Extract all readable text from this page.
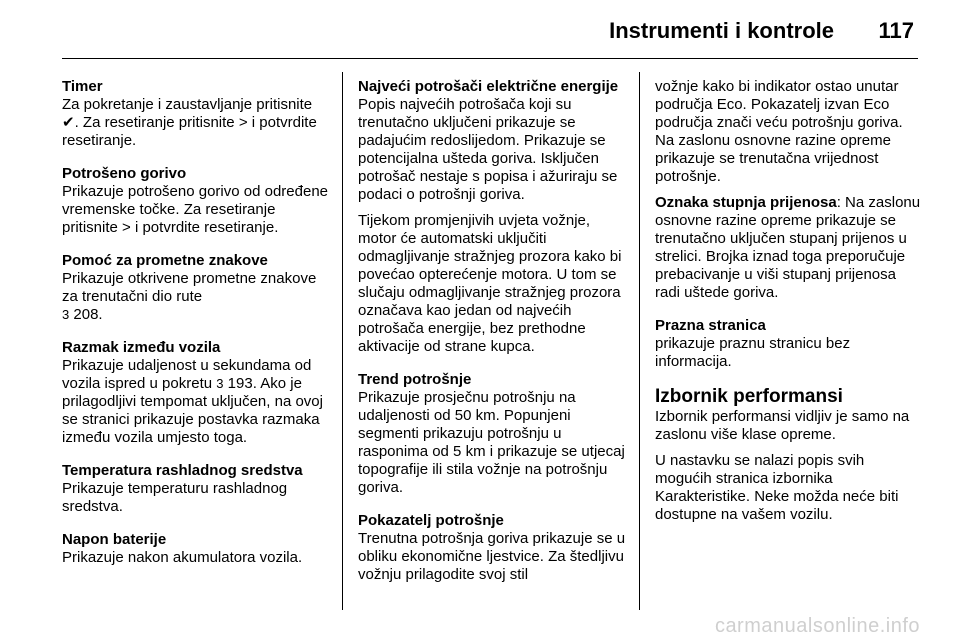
Instrumenti i kontrole 117
Timer
Za pokretanje i zaustavljanje pritisnite ✔. Za resetiranje pritisnite > i potvrdite resetiranje.
Potrošeno gorivo
Prikazuje potrošeno gorivo od određene vremenske točke. Za resetiranje pritisnite > i potvrdite resetiranje.
Pomoć za prometne znakove
Prikazuje otkrivene prometne znakove za trenutačni dio rute
3 208.
Razmak između vozila
Prikazuje udaljenost u sekundama od vozila ispred u pokretu 3 193. Ako je prilagodljivi tempomat uključen, na ovoj se stranici prikazuje postavka razmaka između vozila umjesto toga.
Temperatura rashladnog sredstva
Prikazuje temperaturu rashladnog sredstva.
Napon baterije
Prikazuje nakon akumulatora vozila.
Najveći potrošači električne energije
Popis najvećih potrošača koji su trenutačno uključeni prikazuje se padajućim redoslijedom. Prikazuje se potencijalna ušteda goriva. Isključen potrošač nestaje s popisa i ažuriraju se podaci o potrošnji goriva.
Tijekom promjenjivih uvjeta vožnje, motor će automatski uključiti odmagljivanje stražnjeg prozora kako bi povećao opterećenje motora. U tom se slučaju odmagljivanje stražnjeg prozora označava kao jedan od najvećih potrošača energije, bez prethodne aktivacije od strane kupca.
Trend potrošnje
Prikazuje prosječnu potrošnju na udaljenosti od 50 km. Popunjeni segmenti prikazuju potrošnju u rasponima od 5 km i prikazuje se utjecaj topografije ili stila vožnje na potrošnju goriva.
Pokazatelj potrošnje
Trenutna potrošnja goriva prikazuje se u obliku ekonomične ljestvice. Za štedljivu vožnju prilagodite svoj stil
vožnje kako bi indikator ostao unutar područja Eco. Pokazatelj izvan Eco područja znači veću potrošnju goriva. Na zaslonu osnovne razine opreme prikazuje se trenutačna vrijednost potrošnje.
Oznaka stupnja prijenosa: Na zaslonu osnovne razine opreme prikazuje se trenutačno uključen stupanj prijenos u strelici. Brojka iznad toga preporučuje prebacivanje u viši stupanj prijenosa radi uštede goriva.
Prazna stranica
prikazuje praznu stranicu bez informacija.
Izbornik performansi
Izbornik performansi vidljiv je samo na zaslonu više klase opreme.
U nastavku se nalazi popis svih mogućih stranica izbornika Karakteristike. Neke možda neće biti dostupne na vašem vozilu.
carmanualsonline.info
